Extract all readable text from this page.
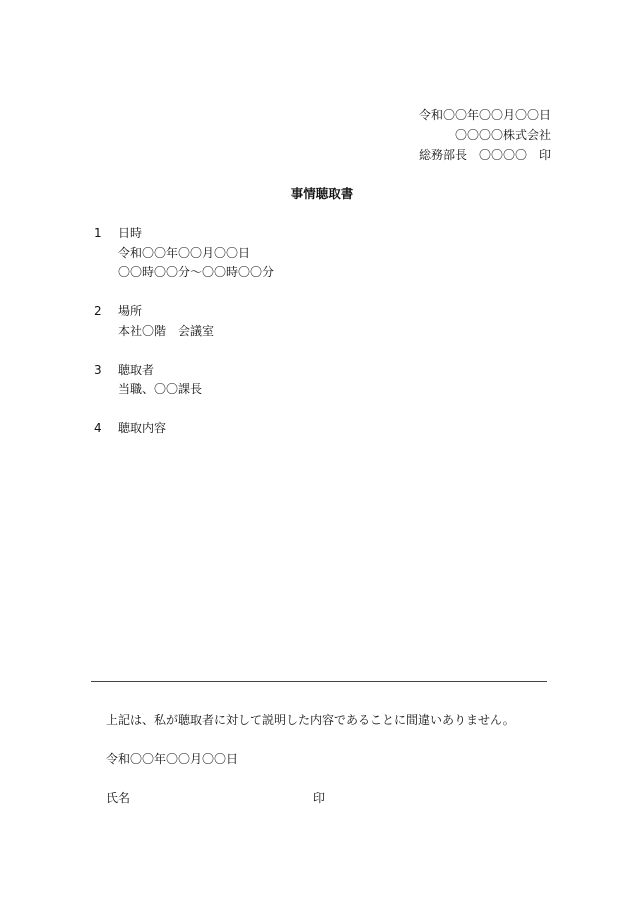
令和〇〇年〇〇月〇〇日
〇〇〇〇株式会社
総務部長　〇〇〇〇　印
事情聴取書
1	日時
令和〇〇年〇〇月〇〇日
〇〇時〇〇分～〇〇時〇〇分
2	場所
本社〇階　会議室
3	聴取者
当職、〇〇課長
4	聴取内容
上記は、私が聴取者に対して説明した内容であることに間違いありません。
令和〇〇年〇〇月〇〇日
氏名	印
